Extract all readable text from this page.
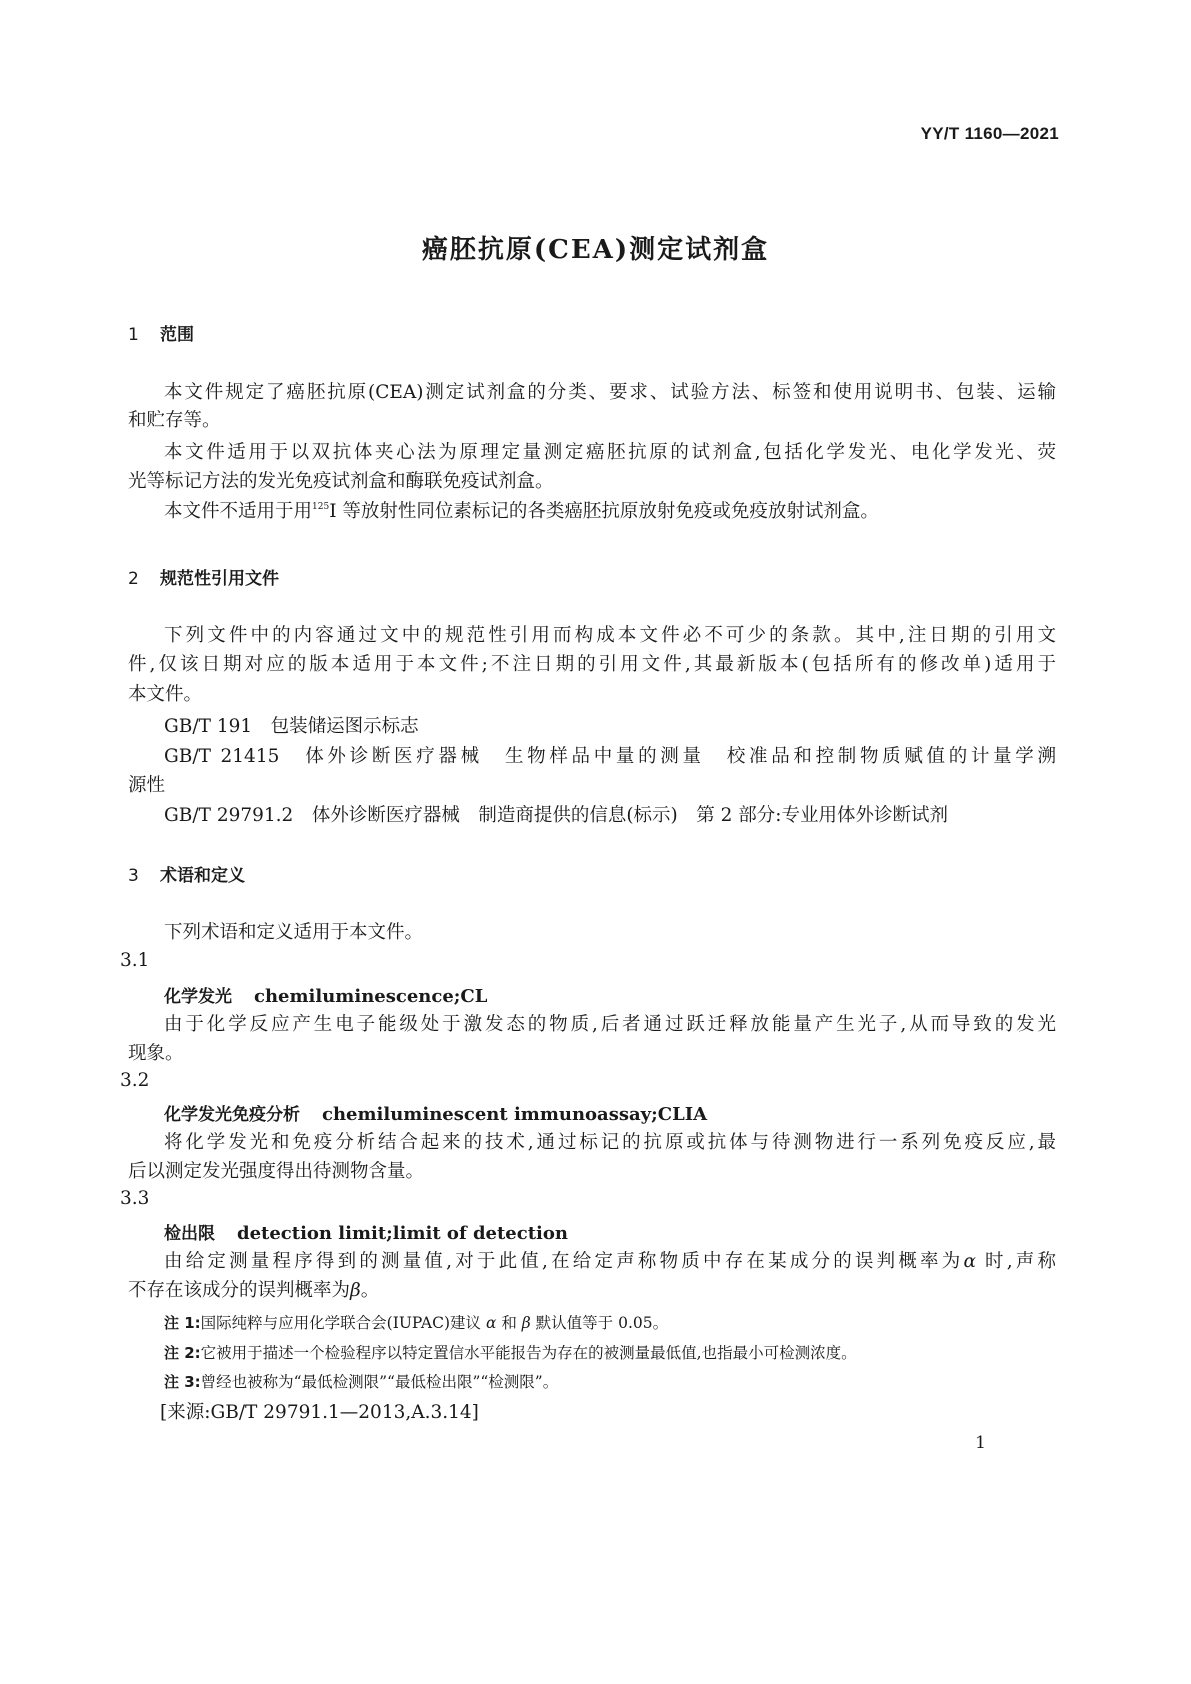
YY/T 1160—2021
癌胚抗原(CEA)测定试剂盒
1 范围
本文件规定了癌胚抗原(CEA)测定试剂盒的分类、要求、试验方法、标签和使用说明书、包装、运输
和贮存等。
本文件适用于以双抗体夹心法为原理定量测定癌胚抗原的试剂盒,包括化学发光、电化学发光、荧
光等标记方法的发光免疫试剂盒和酶联免疫试剂盒。
本文件不适用于用$^{125}$I 等放射性同位素标记的各类癌胚抗原放射免疫或免疫放射试剂盒。
2 规范性引用文件
下列文件中的内容通过文中的规范性引用而构成本文件必不可少的条款。其中,注日期的引用文
件,仅该日期对应的版本适用于本文件;不注日期的引用文件,其最新版本(包括所有的修改单)适用于
本文件。
GB/T 191　包装储运图示标志
GB/T 21415　体外诊断医疗器械　生物样品中量的测量　校准品和控制物质赋值的计量学溯
源性
GB/T 29791.2　体外诊断医疗器械　制造商提供的信息(标示)　第 2 部分:专业用体外诊断试剂
3 术语和定义
下列术语和定义适用于本文件。
3.1
化学发光 chemiluminescence;CL
由于化学反应产生电子能级处于激发态的物质,后者通过跃迁释放能量产生光子,从而导致的发光
现象。
3.2
化学发光免疫分析 chemiluminescent immunoassay;CLIA
将化学发光和免疫分析结合起来的技术,通过标记的抗原或抗体与待测物进行一系列免疫反应,最
后以测定发光强度得出待测物含量。
3.3
检出限 detection limit;limit of detection
由给定测量程序得到的测量值,对于此值,在给定声称物质中存在某成分的误判概率为α 时,声称
不存在该成分的误判概率为β。
注 1:国际纯粹与应用化学联合会(IUPAC)建议 α 和 β 默认值等于 0.05。
注 2:它被用于描述一个检验程序以特定置信水平能报告为存在的被测量最低值,也指最小可检测浓度。
注 3:曾经也被称为“最低检测限”“最低检出限”“检测限”。
[来源:GB/T 29791.1—2013,A.3.14]
1
